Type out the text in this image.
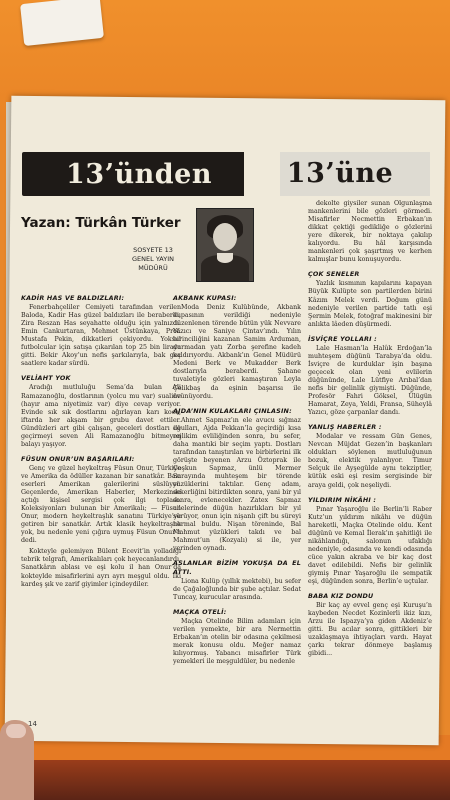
13’ünden	13’üne
Yazan: Türkân Türker
SOSYETE 13
GENEL YAYIN
MÜDÜRÜ
KADİR HAS VE BALDIZLARI:

Fenerbahçeliler Cemiyeti tarafından verilen Baloda, Kadir Has güzel baldızları ile beraberdi, Zira Reszan Has seyahatte olduğu için yalnızdı. Emin Cankurtaran, Mehmet Üstünkaya, Prof. Mustafa Pekin, dikkatleri çekiyordu. Yoksul futbolcular için satışa çıkarılan top 25 bin liraya gitti. Bekir Akoy’un nefis şarkılarıyla, bak geç saatlere kadar sürdü.

VELİAHT YOK

Aradığı mutluluğu Sema’da bulan Ali Ramazanoğlu, dostlarının (yolcu mu var) sualine (hayır ama niyetimiz var) diye cevap veriyor. Evinde sık sık dostlarını ağırlayan karı koca, iftarda her akşam bir grubu davet ettiler. Gündüzleri art gibi çalışan, geceleri dostları ile geçirmeyi seven Ali Ramazanoğlu bitmeyen balayı yaşıyor.

FÜSUN ONUR’UN BAŞARILARI:

Genç ve güzel heykeltraş Füsun Onur, Türkiye ve Amerika da ödüller kazanan bir sanatkâr. Bazı eserleri Amerikan galerilerini süslüyor. Geçenlerde, Amerikan Haberler, Merkezinde açtığı kişisel sergisi çok ilgi topladı. Koleksiyonları bulunan bir Amerikalı; — Füsun Onur, modern heykeltraşlık sanatını Türkiye’ye getiren bir sanatkâr. Artık klasik heykeltraşlık yok, bu nedenle yeni çığıra uymuş Füsun Onur’a dedi.

Kokteyle gelemiyen Bülent Ecevit’in yolladığı tebrik telgrafı, Amerikalıları çok heyecanlandırdı. Sanatkârın ablası ve eşi kolu il han Onur’da kokteylde misafirlerini ayrı ayrı meşgul oldu. İki kardeş şık ve zarif giyimler içindeydiler.

AKBANK KUPASI:

Moda Deniz Kulübünde, Akbank kupasının verildiği nedeniyle düzenlenen törende bütün yük Nevvare Yazıcı ve Saniye Çintav’ındı. Yılın birinciliğini kazanan Samim Arduman, durmadan yatı Zorba şerefine kadeh kaldırıyordu. Akbank’ın Genel Müdürü Medeni Berk ve Mukadder Berk dostlarıyla beraberdi. Şahane tuvaletiyle gözleri kamaştıran Leyla Çelikbaş da eşinin başarısı ile övünüyordu.

AJDA’NIN KULAKLARI ÇINLASIN:

Ahmet Sapmaz’ın ele avucu sığmaz oğulları, Ajda Pekkan’la geçirdiği kısa rejlikim evliliğinden sonra, bu sefer, daha mantıki bir seçim yaptı. Dostları tarafından tanıştırılan ve birbirlerini ilk görüşte beyenen Arzu Öztoprak ile Coşkun Sapmaz, ünlü Mermer Sarayında muhteşem bir törende yüzüklerini taktılar. Genç adam, sekerliğini bitirdikten sonra, yani bir yıl sonra, evlenecekler. Zatex Sapmaz ailelerinde düğün hazırlıkları bir yıl sürüyor, onun için nişanlı çift bu süreyi normal buldu. Nişan töreninde, Bal Mahmut yüzükleri takdı ve bal Mahmut’un (Kozyalı) si ile, yer yerinden oynadı.

ASLANLAR BİZİM YOKUŞA DA EL ATTI.

Liona Kulüp (yıllık mektebi), bu sefer de Çağaloğlunda bir şube açtılar. Sedat Tuncay, kurucular arasında.

MAÇKA OTELİ:

Maçka Otelinde Bilim adamları için verilen yemekte, bir ara Nermettin Erbakan’ın otelin bir odasına çekilmesi merak konusu oldu. Meğer namaz kılıyormuş. Yabancı misafirler Türk yemekleri ile meşguldüler, bu nedenle

dekolte giysiler sunan Olgunlaşma mankenlerini bile gözleri görmedi. Misafirler Necmettin Erbakan’ın dikkat çektiği gedikliğe o gözlerini yere dikerek, bir noktaya çakılıp kalıyordu. Bu hâl karşısında mankenleri çok şaşırtmış ve kerhen kalmışlar bunu konuşuyordu.

ÇOK SENELER

Yazlık kısmının kapılarını kapayan Büyük Kulüpte son partilerden birini Kâzım Melek verdi. Doğum günü nedeniyle verilen partide tatlı eşi Şermin Melek, fotoğraf makinesini bir anlıkta lâeden düşürmedi.

İSVİÇRE YOLLARI :

Lale Hasman’la Halûk Erdoğan’la muhteşem düğünü Tarabya’da oldu. İsviçre de kurduklar işin başına geçecek olan yeni evlilerin düğününde, Lale Lütfiye Arıbal’dan nefis bir gelinlik giymişti. Düğünde, Profesör Fahri Göksel, Ülügün Hamarat, Zeya, Yeldi, Fransa, Süheylâ Yazıcı, göze çarpanlar dandı.

YANLIŞ HABERLER :

Modalar ve ressam Gün Genes, Nevcan Müjdat Gezen’in başkanları oldukları söylenen mutluluğunun bozuk, elektik yalanlıyor. Timur Selçuk ile Ayşegülde aynı tekziptler, kütük eski eşi resim sergisinde bir araya geldi, çok neşeliydi.

YILDIRIM NİKÂHI :

Pınar Yaşaroğlu ile Berlin’li Raber Kutz’un yıldırım nikâhı ve düğün hareketli, Maçka Otelinde oldu. Kent düğünü ve Kemal İlerak’ın şahitliği ile nikâhlandığı, salonun ufaklığı nedeniyle, odasında ve kendi odasında cüce yakın akraba ve bir kaç dost davet edilebildi. Nefis bir gelinlik giymiş Pınar Yaşaroğlu ile sempatik eşi, düğünden sonra, Berlin’e uçtular.

BABA KIZ DONDU

Bir kaç ay evvel genç eşi Kuruşu’n kaybeden Necdet Kozinlerli ikiz kızı, Arzu ile Ispazya’ya giden Akdeniz’e gitti. Bu acılar sonra, gittikleri bir uzaklaşmaya ihtiyaçları vardı. Hayat çarkı tekrar dönmeye başlamış gibidi...

14
